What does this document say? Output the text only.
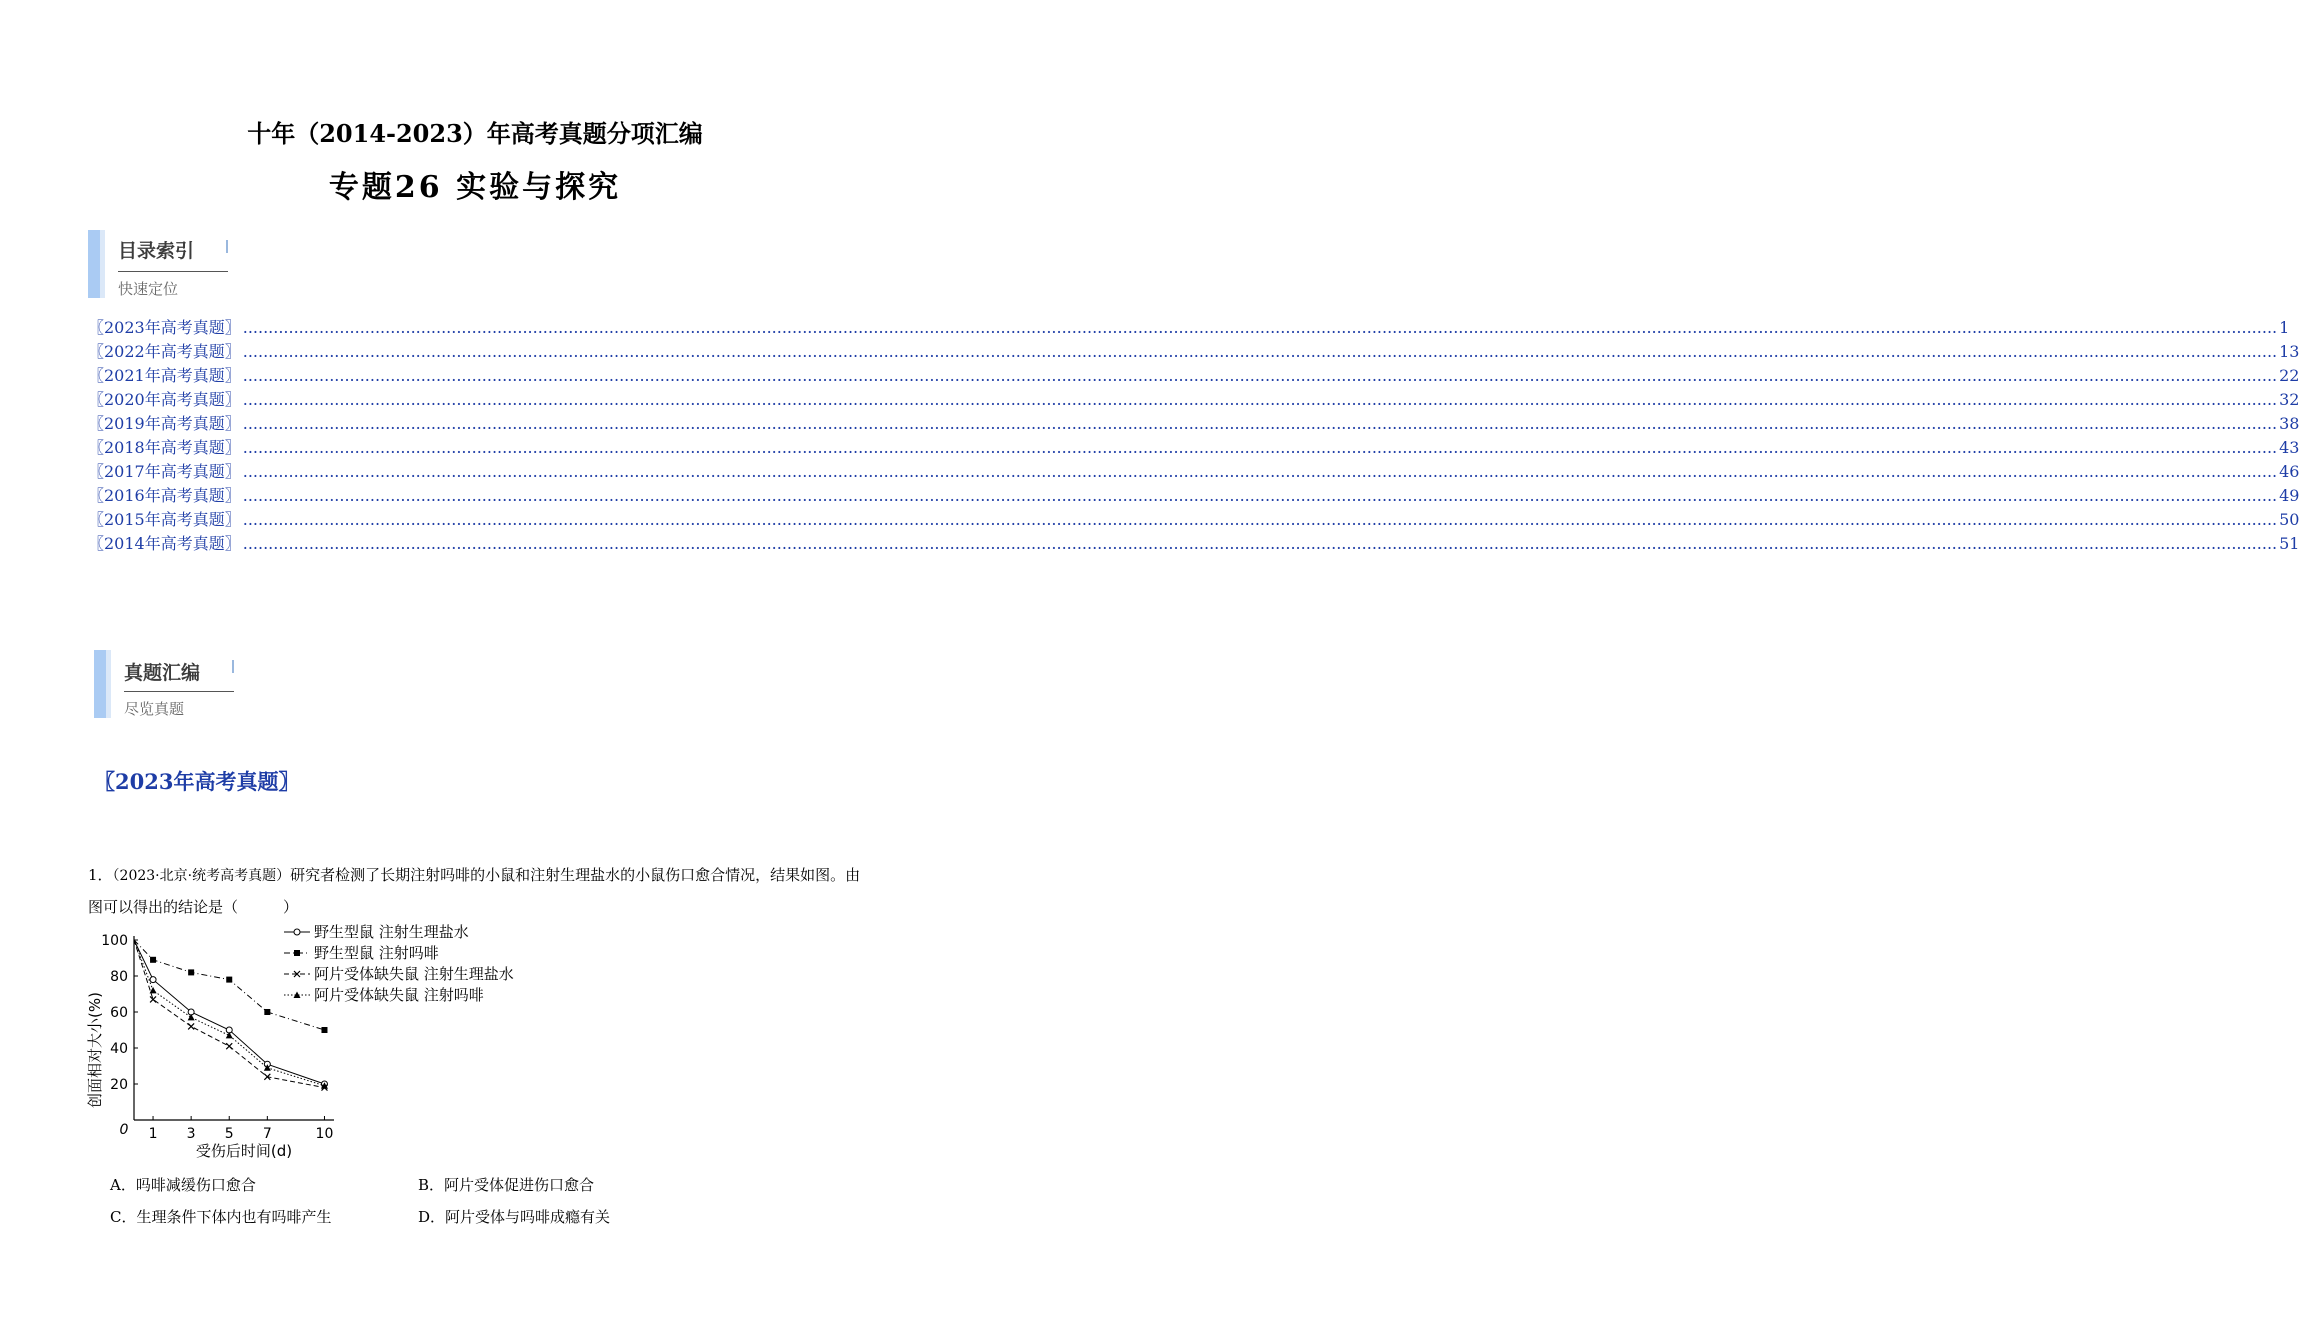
十年（2014-2023）年高考真题分项汇编
专题26 实验与探究
目录索引
快速定位
〖2023年高考真题〗 ................................................................................................................................................................................................................................................................................................................................................................................................................ 1
〖2022年高考真题〗 ................................................................................................................................................................................................................................................................................................................................................................................................................ 13
〖2021年高考真题〗 ................................................................................................................................................................................................................................................................................................................................................................................................................ 22
〖2020年高考真题〗 ................................................................................................................................................................................................................................................................................................................................................................................................................ 32
〖2019年高考真题〗 ................................................................................................................................................................................................................................................................................................................................................................................................................ 38
〖2018年高考真题〗 ................................................................................................................................................................................................................................................................................................................................................................................................................ 43
〖2017年高考真题〗 ................................................................................................................................................................................................................................................................................................................................................................................................................ 46
〖2016年高考真题〗 ................................................................................................................................................................................................................................................................................................................................................................................................................ 49
〖2015年高考真题〗 ................................................................................................................................................................................................................................................................................................................................................................................................................ 50
〖2014年高考真题〗 ................................................................................................................................................................................................................................................................................................................................................................................................................ 51
真题汇编
尽览真题
〖2023年高考真题〗
1．（2023·北京·统考高考真题）研究者检测了长期注射吗啡的小鼠和注射生理盐水的小鼠伤口愈合情况，结果如图。由图可以得出的结论是（　　　）
20
40
60
80
100
1 3 5 7	10
0
受伤后时间(d)
创面相对大小(%)
野生型鼠 注射生理盐水
野生型鼠 注射吗啡
阿片受体缺失鼠 注射生理盐水
阿片受体缺失鼠 注射吗啡
A．吗啡减缓伤口愈合	B．阿片受体促进伤口愈合
C．生理条件下体内也有吗啡产生	D．阿片受体与吗啡成瘾有关
